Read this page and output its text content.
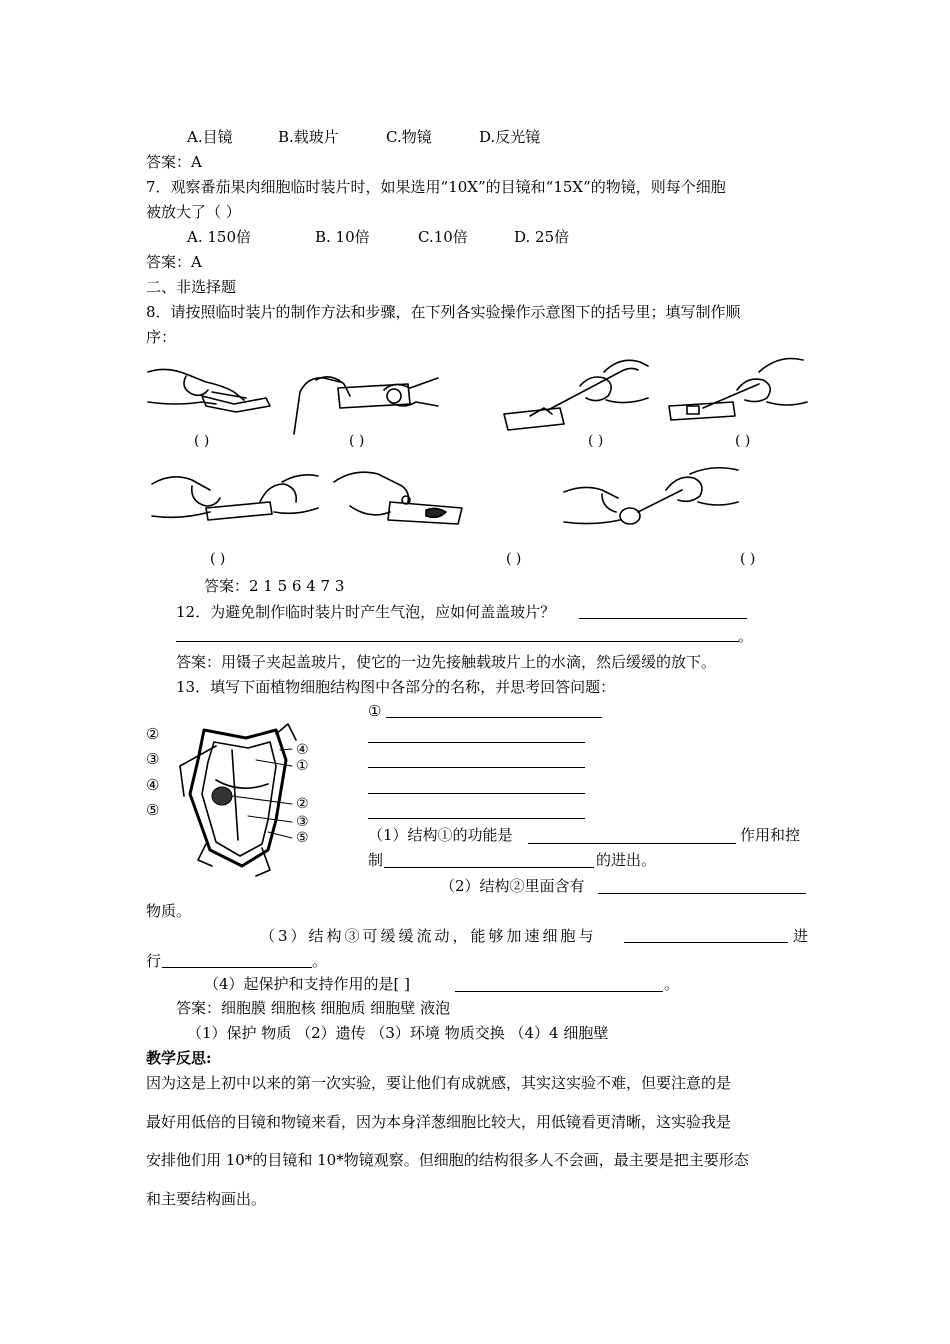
A.目镜	B.载玻片	C.物镜	D.反光镜
答案：A
7．观察番茄果肉细胞临时装片时，如果选用“10X”的目镜和“15X”的物镜，则每个细胞
被放大了（ ）
A. 150倍	B. 10倍	C.10倍	D. 25倍
答案：A
二、非选择题
8．请按照临时装片的制作方法和步骤，在下列各实验操作示意图下的括号里；填写制作顺
序：
( )	( )	( )	( )
( )	( )	( )
答案：2 1 5 6 4 7 3
12．为避免制作临时装片时产生气泡，应如何盖盖玻片？
。
答案：用镊子夹起盖玻片，使它的一边先接触载玻片上的水滴，然后缓缓的放下。
13．填写下面植物细胞结构图中各部分的名称，并思考回答问题：
②
③
④
⑤
④
①
②
③
⑤
①
（1）结构①的功能是	作用和控
制	的进出。
（2）结构②里面含有
物质。
（3）结构③可缓缓流动，能够加速细胞与	进
行	。
（4）起保护和支持作用的是[ ]	。
答案：细胞膜 细胞核 细胞质 细胞壁 液泡
（1）保护 物质 （2）遗传 （3）环境 物质交换 （4）4 细胞壁
教学反思:
因为这是上初中以来的第一次实验，要让他们有成就感，其实这实验不难，但要注意的是
最好用低倍的目镜和物镜来看，因为本身洋葱细胞比较大，用低镜看更清晰，这实验我是
安排他们用 10*的目镜和 10*物镜观察。但细胞的结构很多人不会画，最主要是把主要形态
和主要结构画出。
